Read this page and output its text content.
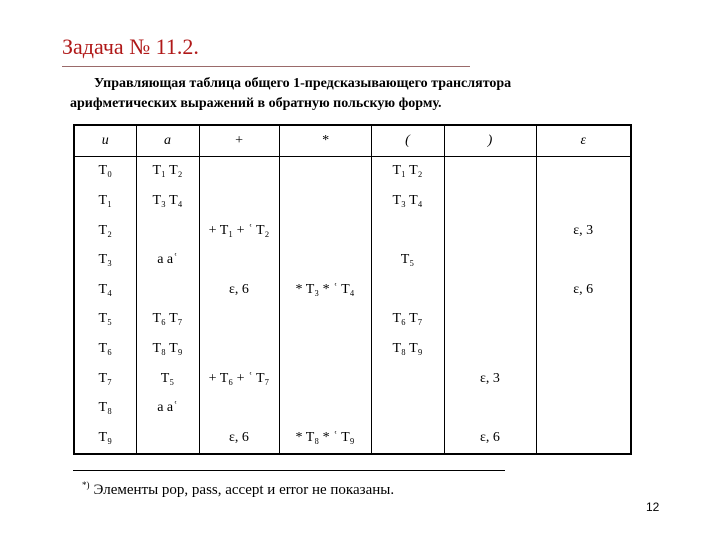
Задача № 11.2.
Управляющая таблица общего 1-предсказывающего транслятора
арифметических выражений в обратную польскую форму.
u	a	+	*	(	)	ε
T₀	T₁ T₂			T₁ T₂		
T₁	T₃ T₄			T₃ T₄		
T₂		+ T₁ + ʿ T₂				ε, 3
T₃	a aʿ			T₅		
T₄		ε, 6	* T₃ * ʿ T₄			ε, 6
T₅	T₆ T₇			T₆ T₇		
T₆	T₈ T₉			T₈ T₉		
T₇	T₅	+ T₆ + ʿ T₇			ε, 3	
T₈	a aʿ					
T₉		ε, 6	* T₈ * ʿ T₉		ε, 6	
*) Элементы pop, pass, accept и error не показаны.
12
